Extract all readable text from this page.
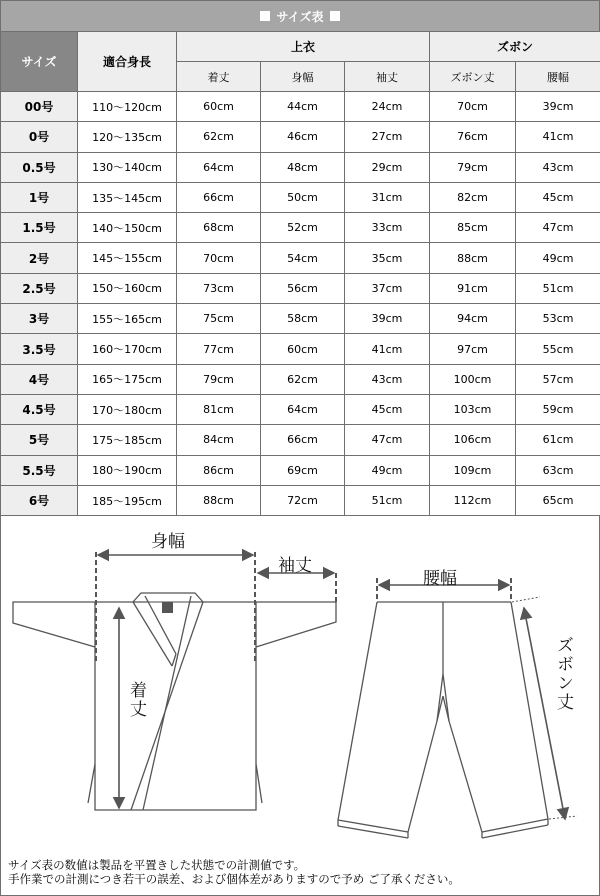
サイズ表
サイズ	適合身長	上衣			ズボン	
		着丈	身幅	袖丈	ズボン丈	腰幅
00号	110〜120cm	60cm	44cm	24cm	70cm	39cm
0号	120〜135cm	62cm	46cm	27cm	76cm	41cm
0.5号	130〜140cm	64cm	48cm	29cm	79cm	43cm
1号	135〜145cm	66cm	50cm	31cm	82cm	45cm
1.5号	140〜150cm	68cm	52cm	33cm	85cm	47cm
2号	145〜155cm	70cm	54cm	35cm	88cm	49cm
2.5号	150〜160cm	73cm	56cm	37cm	91cm	51cm
3号	155〜165cm	75cm	58cm	39cm	94cm	53cm
3.5号	160〜170cm	77cm	60cm	41cm	97cm	55cm
4号	165〜175cm	79cm	62cm	43cm	100cm	57cm
4.5号	170〜180cm	81cm	64cm	45cm	103cm	59cm
5号	175〜185cm	84cm	66cm	47cm	106cm	61cm
5.5号	180〜190cm	86cm	69cm	49cm	109cm	63cm
6号	185〜195cm	88cm	72cm	51cm	112cm	65cm
身幅
袖丈
着丈
腰幅
ズボン丈
サイズ表の数値は製品を平置きした状態での計測値です。
手作業での計測につき若干の誤差、および個体差がありますので予め ご了承ください。
